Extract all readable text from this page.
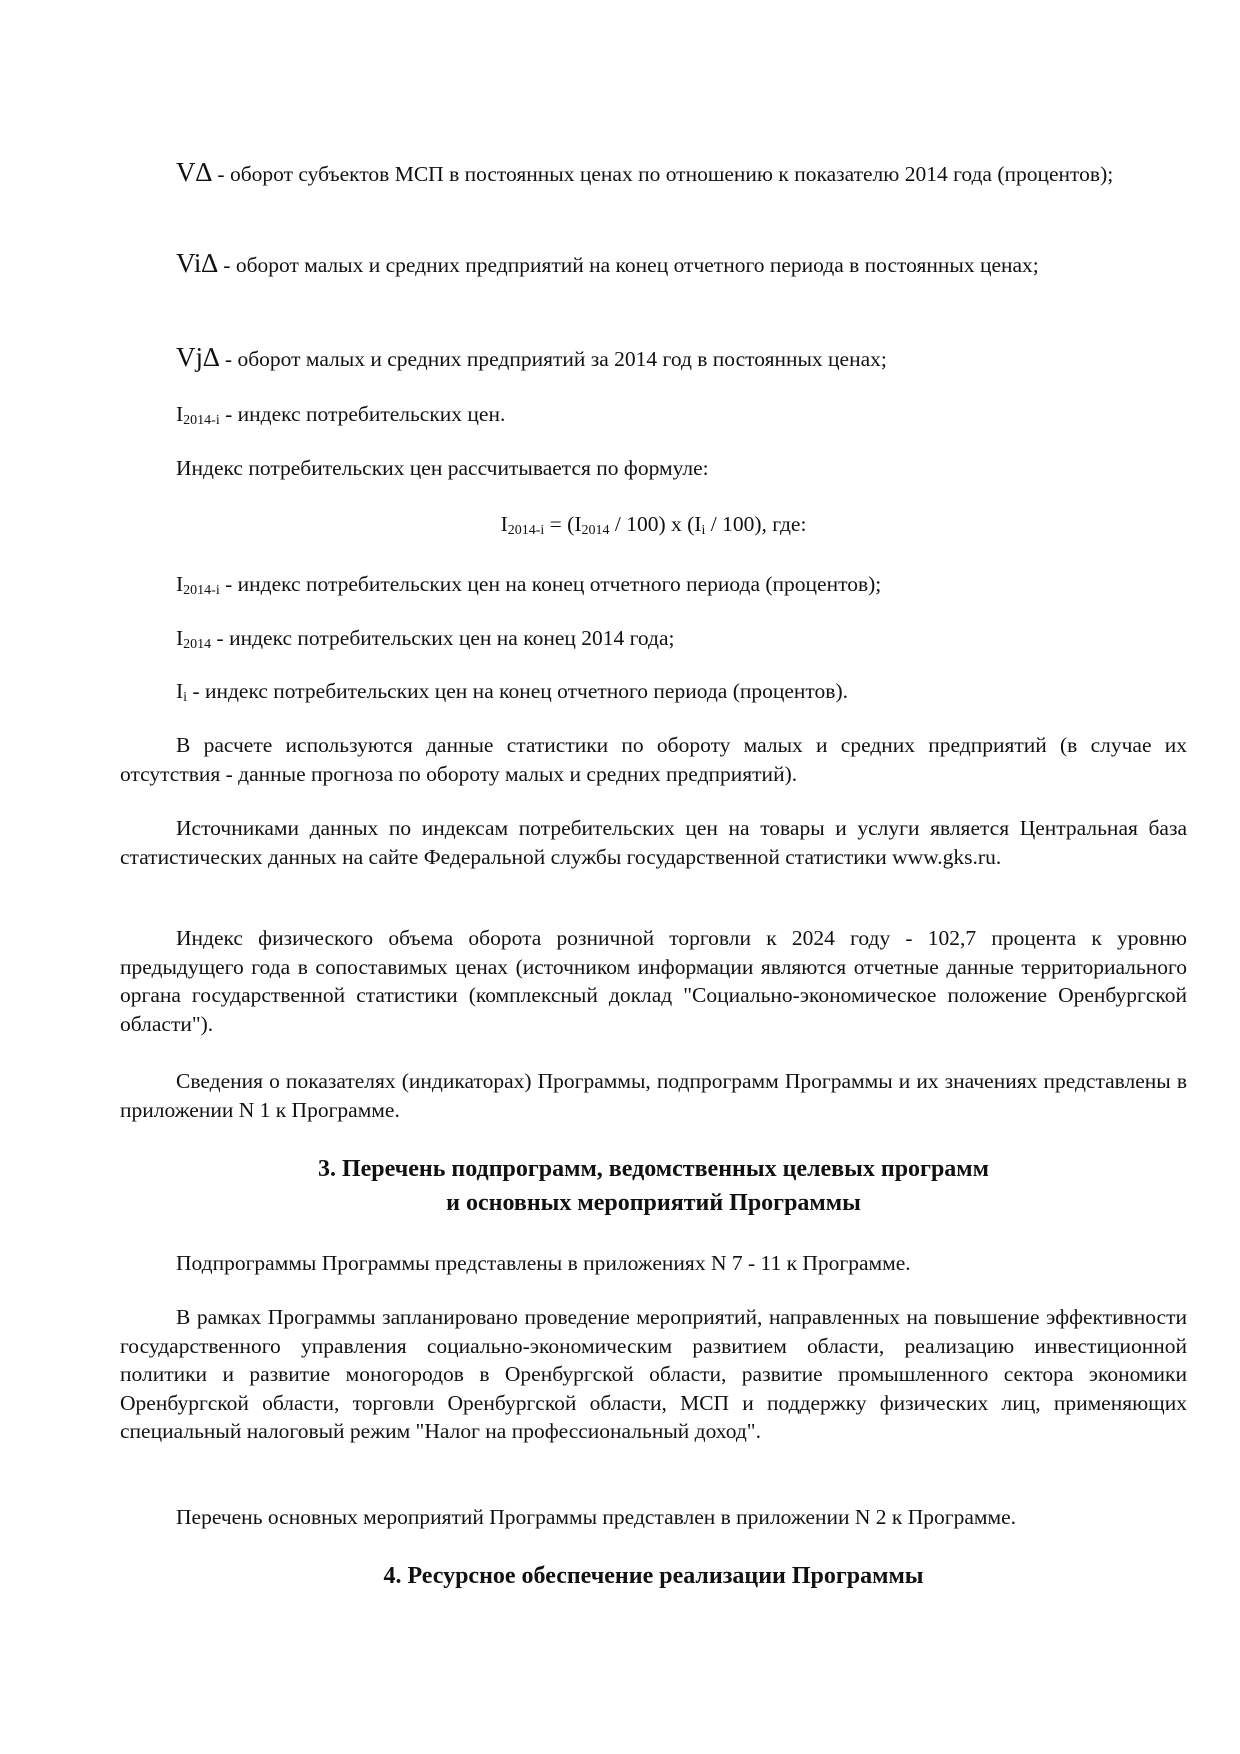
V∆ - оборот субъектов МСП в постоянных ценах по отношению к показателю 2014 года (процентов);

Vi∆ - оборот малых и средних предприятий на конец отчетного периода в постоянных ценах;

Vj∆ - оборот малых и средних предприятий за 2014 год в постоянных ценах;

$I_{2014-i}$ - индекс потребительских цен.

Индекс потребительских цен рассчитывается по формуле:

$I_{2014-i} = (I_{2014} / 100)$ x $(I_i / 100)$, где:

$I_{2014-i}$ - индекс потребительских цен на конец отчетного периода (процентов);

$I_{2014}$ - индекс потребительских цен на конец 2014 года;

$I_i$ - индекс потребительских цен на конец отчетного периода (процентов).

В расчете используются данные статистики по обороту малых и средних предприятий (в случае их отсутствия - данные прогноза по обороту малых и средних предприятий).

Источниками данных по индексам потребительских цен на товары и услуги является Центральная база статистических данных на сайте Федеральной службы государственной статистики www.gks.ru.

Индекс физического объема оборота розничной торговли к 2024 году - 102,7 процента к уровню предыдущего года в сопоставимых ценах (источником информации являются отчетные данные территориального органа государственной статистики (комплексный доклад "Социально-экономическое положение Оренбургской области").

Сведения о показателях (индикаторах) Программы, подпрограмм Программы и их значениях представлены в приложении N 1 к Программе.

3. Перечень подпрограмм, ведомственных целевых программ
и основных мероприятий Программы

Подпрограммы Программы представлены в приложениях N 7 - 11 к Программе.

В рамках Программы запланировано проведение мероприятий, направленных на повышение эффективности государственного управления социально-экономическим развитием области, реализацию инвестиционной политики и развитие моногородов в Оренбургской области, развитие промышленного сектора экономики Оренбургской области, торговли Оренбургской области, МСП и поддержку физических лиц, применяющих специальный налоговый режим "Налог на профессиональный доход".

Перечень основных мероприятий Программы представлен в приложении N 2 к Программе.

4. Ресурсное обеспечение реализации Программы
